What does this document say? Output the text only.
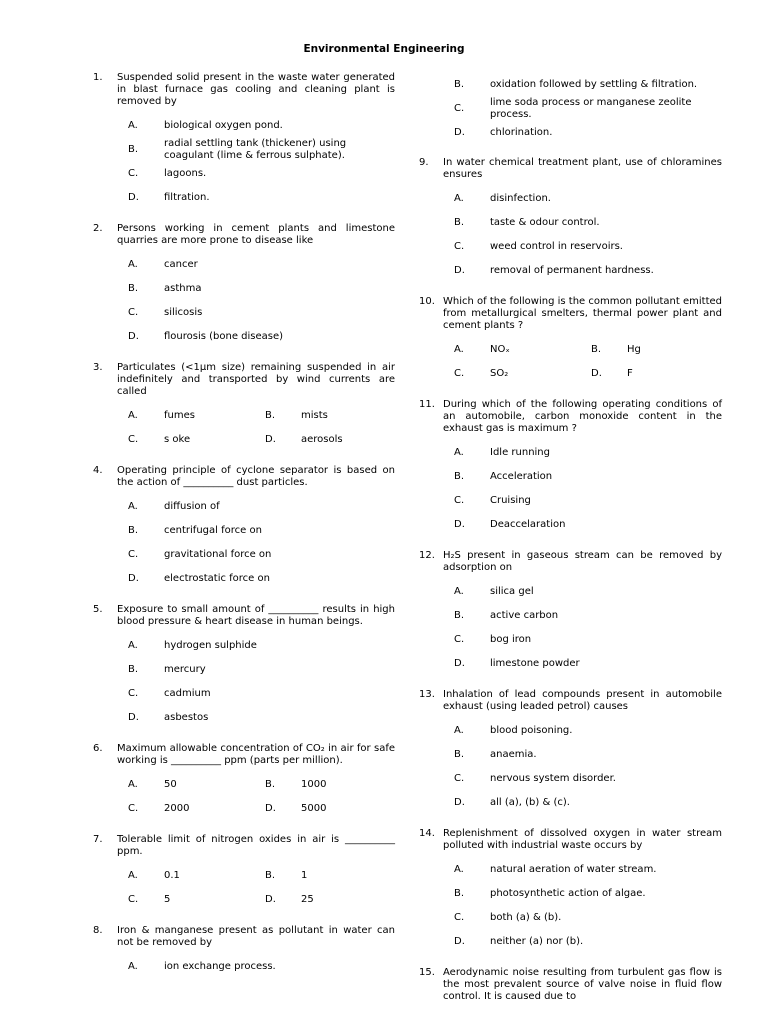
Environmental Engineering
1.	Suspended solid present in the waste water generated in blast furnace gas cooling and cleaning plant is removed by
A.	biological oxygen pond.
B.
radial settling tank (thickener) using coagulant (lime & ferrous sulphate).
C.	lagoons.
D.	filtration.
2.	Persons working in cement plants and limestone quarries are more prone to disease like
A.	cancer
B.	asthma
C.	silicosis
D.	flourosis (bone disease)
3.	Particulates (<1μm size) remaining suspended in air indefinitely and transported by wind currents are called
A.	fumes	B.	mists
C.	s oke	D.	aerosols
4.	Operating principle of cyclone separator is based on the action of __________ dust particles.
A.	diffusion of
B.	centrifugal force on
C.	gravitational force on
D.	electrostatic force on
5.	Exposure to small amount of __________ results in high blood pressure & heart disease in human beings.
A.	hydrogen sulphide
B.	mercury
C.	cadmium
D.	asbestos
6.	Maximum allowable concentration of CO₂ in air for safe working is __________ ppm (parts per million).
A.	50	B.	1000
C.	2000	D.	5000
7.	Tolerable limit of nitrogen oxides in air is __________ ppm.
A.	0.1	B.	1
C.	5	D.	25
8.	Iron & manganese present as pollutant in water can not be removed by
A.	ion exchange process.
B.	oxidation followed by settling & filtration.
C.
lime soda process or manganese zeolite process.
D.	chlorination.
9.	In water chemical treatment plant, use of chloramines ensures
A.	disinfection.
B.	taste & odour control.
C.	weed control in reservoirs.
D.	removal of permanent hardness.
10. Which of the following is the common pollutant emitted from metallurgical smelters, thermal power plant and cement plants ?
A.	NOₓ	B.	Hg
C.	SO₂	D.	F
11. During which of the following operating conditions of an automobile, carbon monoxide content in the exhaust gas is maximum ?
A.	Idle running
B.	Acceleration
C.	Cruising
D.	Deaccelaration
12. H₂S present in gaseous stream can be removed by adsorption on
A.	silica gel
B.	active carbon
C.	bog iron
D.	limestone powder
13. Inhalation of lead compounds present in automobile exhaust (using leaded petrol) causes
A.	blood poisoning.
B.	anaemia.
C.	nervous system disorder.
D.	all (a), (b) & (c).
14. Replenishment of dissolved oxygen in water stream polluted with industrial waste occurs by
A.	natural aeration of water stream.
B.	photosynthetic action of algae.
C.	both (a) & (b).
D.	neither (a) nor (b).
15. Aerodynamic noise resulting from turbulent gas flow is the most prevalent source of valve noise in fluid flow control. It is caused due to
